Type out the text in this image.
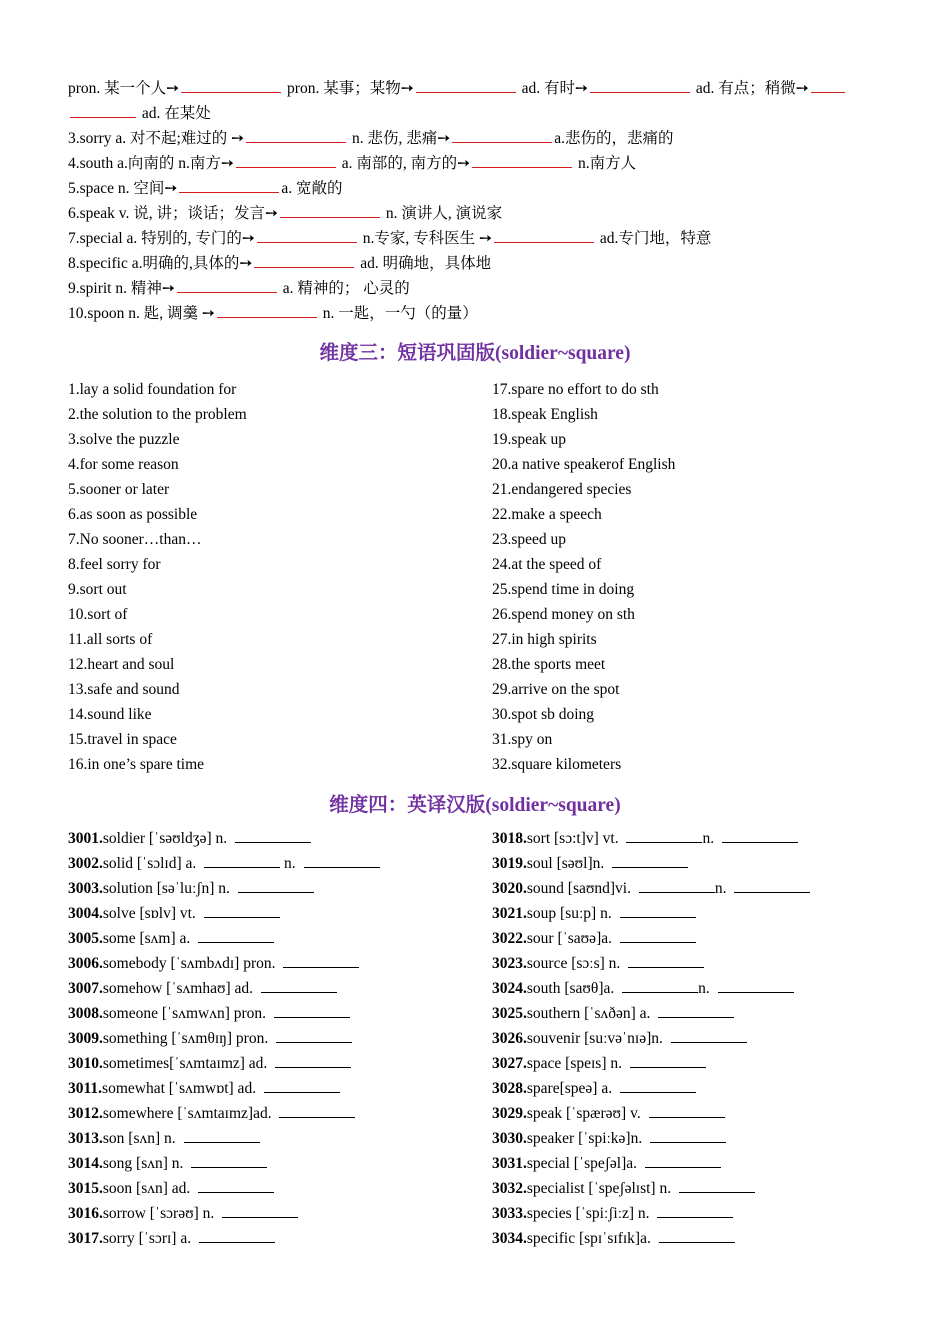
pron. 某一个人➙	pron. 某事；某物➙	ad. 有时➙	ad. 有点；稍微➙
ad. 在某处
3.sorry a. 对不起;难过的 ➙	n. 悲伤, 悲痛➙	a.悲伤的，悲痛的
4.south a.向南的 n.南方➙	a. 南部的, 南方的➙	n.南方人
5.space n. 空间➙	a. 宽敞的
6.speak v. 说, 讲；谈话；发言➙	n. 演讲人, 演说家
7.special a. 特别的, 专门的➙	n.专家, 专科医生 ➙	ad.专门地，特意
8.specific a.明确的,具体的➙	ad. 明确地，具体地
9.spirit n. 精神➙	a. 精神的； 心灵的
10.spoon n. 匙, 调羹 ➙	n. 一匙，一勺（的量）
维度三：短语巩固版(soldier~square)
1.lay a solid foundation for
2.the solution to the problem
3.solve the puzzle
4.for some reason
5.sooner or later
6.as soon as possible
7.No sooner…than…
8.feel sorry for
9.sort out
10.sort of
11.all sorts of
12.heart and soul
13.safe and sound
14.sound like
15.travel in space
16.in one’s spare time
17.spare no effort to do sth
18.speak English
19.speak up
20.a native speakerof English
21.endangered species
22.make a speech
23.speed up
24.at the speed of
25.spend time in doing
26.spend money on sth
27.in high spirits
28.the sports meet
29.arrive on the spot
30.spot sb doing
31.spy on
32.square kilometers
维度四：英译汉版(soldier~square)
3001.soldier [ˈsəʊldʒə] n.
3002.solid [ˈsɔlɪd] a.	n.
3003.solution [səˈluːʃn] n.
3004.solve [sɒlv] vt.
3005.some [sʌm] a.
3006.somebody [ˈsʌmbʌdɪ] pron.
3007.somehow [ˈsʌmhaʊ] ad.
3008.someone [ˈsʌmwʌn] pron.
3009.something [ˈsʌmθɪŋ] pron.
3010.sometimes[ˈsʌmtaɪmz] ad.
3011.somewhat [ˈsʌmwɒt] ad.
3012.somewhere [ˈsʌmtaɪmz]ad.
3013.son [sʌn] n.
3014.song [sʌn] n.
3015.soon [sʌn] ad.
3016.sorrow [ˈsɔrəʊ] n.
3017.sorry [ˈsɔrɪ] a.
3018.sort [sɔ:t]v] vt.	n.
3019.soul [səʊl]n.
3020.sound [saʊnd]vi.	n.
3021.soup [suːp] n.
3022.sour [ˈsaʊə]a.
3023.source [sɔːs] n.
3024.south [saʊθ]a.	n.
3025.southern [ˈsʌðən] a.
3026.souvenir [suːvəˈnɪə]n.
3027.space [speɪs] n.
3028.spare[speə] a.
3029.speak [ˈspærəʊ] v.
3030.speaker [ˈspiːkə]n.
3031.special [ˈspeʃəl]a.
3032.specialist [ˈspeʃəlɪst] n.
3033.species [ˈspiːʃiːz] n.
3034.specific [spɪˈsɪfɪk]a.
